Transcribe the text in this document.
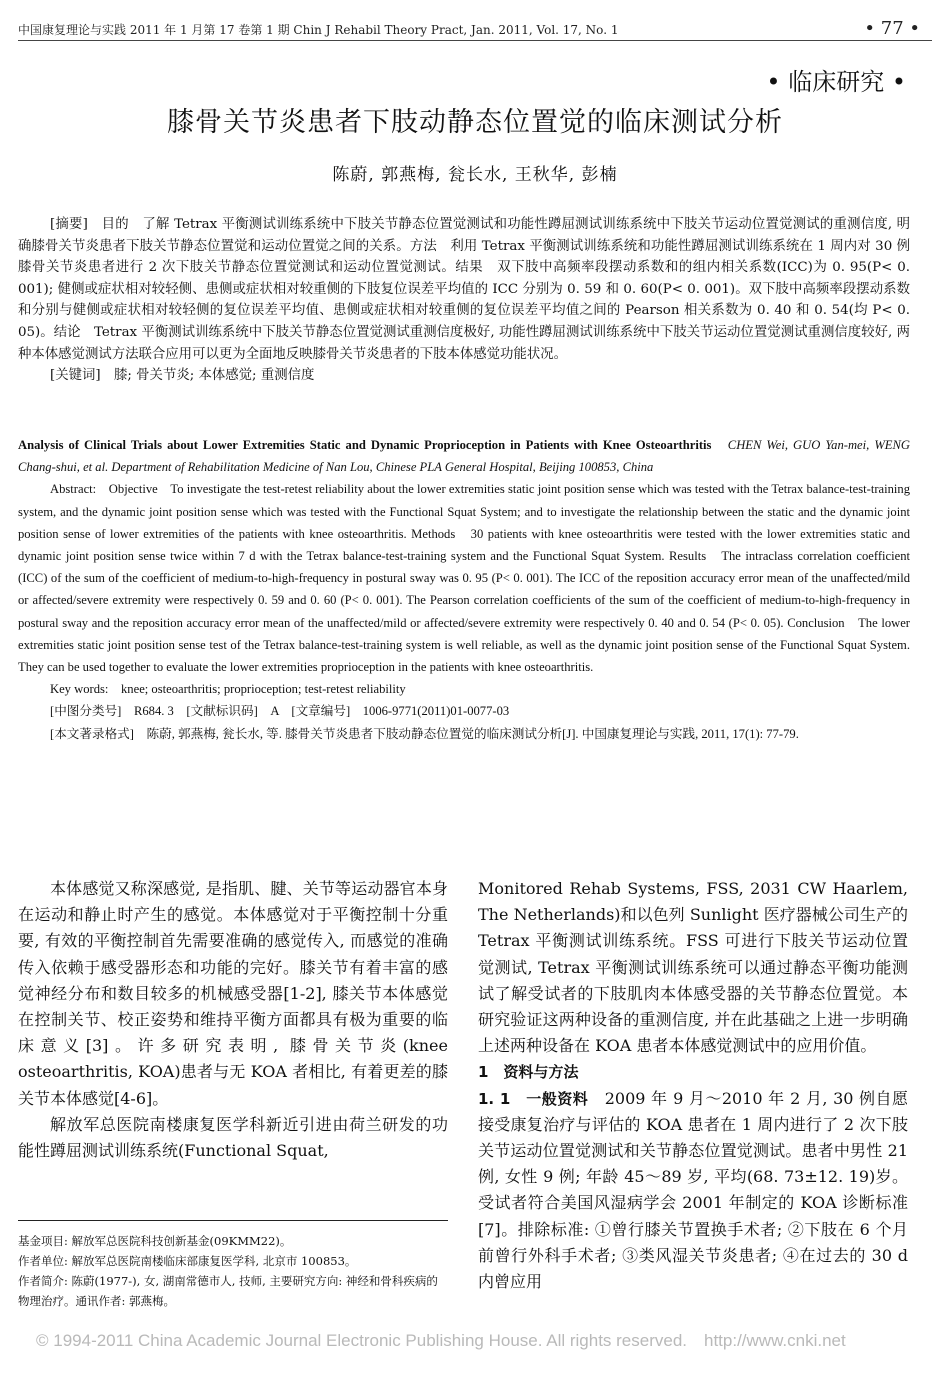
中国康复理论与实践 2011 年 1 月第 17 卷第 1 期 Chin J Rehabil Theory Pract, Jan. 2011, Vol. 17, No. 1	• 77 •
• 临床研究 •
膝骨关节炎患者下肢动静态位置觉的临床测试分析
陈蔚, 郭燕梅, 瓮长水, 王秋华, 彭楠

[摘要]　目的　了解 Tetrax 平衡测试训练系统中下肢关节静态位置觉测试和功能性蹲屈测试训练系统中下肢关节运动位置觉测试的重测信度, 明确膝骨关节炎患者下肢关节静态位置觉和运动位置觉之间的关系。方法　利用 Tetrax 平衡测试训练系统和功能性蹲屈测试训练系统在 1 周内对 30 例膝骨关节炎患者进行 2 次下肢关节静态位置觉测试和运动位置觉测试。结果　双下肢中高频率段摆动系数和的组内相关系数(ICC)为 0. 95(P< 0. 001); 健侧或症状相对较轻侧、患侧或症状相对较重侧的下肢复位误差平均值的 ICC 分别为 0. 59 和 0. 60(P< 0. 001)。双下肢中高频率段摆动系数和分别与健侧或症状相对较轻侧的复位误差平均值、患侧或症状相对较重侧的复位误差平均值之间的 Pearson 相关系数为 0. 40 和 0. 54(均 P< 0. 05)。结论　Tetrax 平衡测试训练系统中下肢关节静态位置觉测试重测信度极好, 功能性蹲屈测试训练系统中下肢关节运动位置觉测试重测信度较好, 两种本体感觉测试方法联合应用可以更为全面地反映膝骨关节炎患者的下肢本体感觉功能状况。

[关键词]　膝; 骨关节炎; 本体感觉; 重测信度

Analysis of Clinical Trials about Lower Extremities Static and Dynamic Proprioception in Patients with Knee Osteoarthritis　 CHEN Wei, GUO Yan-mei, WENG Chang-shui, et al. Department of Rehabilitation Medicine of Nan Lou, Chinese PLA General Hospital, Beijing 100853, China

Abstract:　Objective　To investigate the test-retest reliability about the lower extremities static joint position sense which was tested with the Tetrax balance-test-training system, and the dynamic joint position sense which was tested with the Functional Squat System; and to investigate the relationship between the static and the dynamic joint position sense of lower extremities of the patients with knee osteoarthritis. Methods　30 patients with knee osteoarthritis were tested with the lower extremities static and dynamic joint position sense twice within 7 d with the Tetrax balance-test-training system and the Functional Squat System. Results　The intraclass correlation coefficient (ICC) of the sum of the coefficient of medium-to-high-frequency in postural sway was 0. 95 (P< 0. 001). The ICC of the reposition accuracy error mean of the unaffected/mild or affected/severe extremity were respectively 0. 59 and 0. 60 (P< 0. 001). The Pearson correlation coefficients of the sum of the coefficient of medium-to-high-frequency in postural sway and the reposition accuracy error mean of the unaffected/mild or affected/severe extremity were respectively 0. 40 and 0. 54 (P< 0. 05). Conclusion　The lower extremities static joint position sense test of the Tetrax balance-test-training system is well reliable, as well as the dynamic joint position sense of the Functional Squat System. They can be used together to evaluate the lower extremities proprioception in the patients with knee osteoarthritis.

Key words:　knee; osteoarthritis; proprioception; test-retest reliability

[中图分类号]　R684. 3　[文献标识码]　A　[文章编号]　1006-9771(2011)01-0077-03

[本文著录格式]　陈蔚, 郭燕梅, 瓮长水, 等. 膝骨关节炎患者下肢动静态位置觉的临床测试分析[J]. 中国康复理论与实践, 2011, 17(1): 77-79.

本体感觉又称深感觉, 是指肌、腱、关节等运动器官本身在运动和静止时产生的感觉。本体感觉对于平衡控制十分重要, 有效的平衡控制首先需要准确的感觉传入, 而感觉的准确传入依赖于感受器形态和功能的完好。膝关节有着丰富的感觉神经分布和数目较多的机械感受器[1-2], 膝关节本体感觉在控制关节、校正姿势和维持平衡方面都具有极为重要的临床意义[3]。许多研究表明, 膝骨关节炎(knee osteoarthritis, KOA)患者与无 KOA 者相比, 有着更差的膝关节本体感觉[4-6]。

解放军总医院南楼康复医学科新近引进由荷兰研发的功能性蹲屈测试训练系统(Functional Squat,

Monitored Rehab Systems, FSS, 2031 CW Haarlem, The Netherlands)和以色列 Sunlight 医疗器械公司生产的 Tetrax 平衡测试训练系统。FSS 可进行下肢关节运动位置觉测试, Tetrax 平衡测试训练系统可以通过静态平衡功能测试了解受试者的下肢肌肉本体感受器的关节静态位置觉。本研究验证这两种设备的重测信度, 并在此基础之上进一步明确上述两种设备在 KOA 患者本体感觉测试中的应用价值。

1　资料与方法

1. 1　一般资料　 2009 年 9 月～2010 年 2 月, 30 例自愿接受康复治疗与评估的 KOA 患者在 1 周内进行了 2 次下肢关节运动位置觉测试和关节静态位置觉测试。患者中男性 21 例, 女性 9 例; 年龄 45～89 岁, 平均(68. 73±12. 19)岁。受试者符合美国风湿病学会 2001 年制定的 KOA 诊断标准[7]。排除标准: ①曾行膝关节置换手术者; ②下肢在 6 个月前曾行外科手术者; ③类风湿关节炎患者; ④在过去的 30 d 内曾应用

基金项目: 解放军总医院科技创新基金(09KMM22)。

作者单位: 解放军总医院南楼临床部康复医学科, 北京市 100853。

作者简介: 陈蔚(1977-), 女, 湖南常德市人, 技师, 主要研究方向: 神经和骨科疾病的物理治疗。通讯作者: 郭燕梅。

© 1994-2011 China Academic Journal Electronic Publishing House. All rights reserved.　http://www.cnki.net
